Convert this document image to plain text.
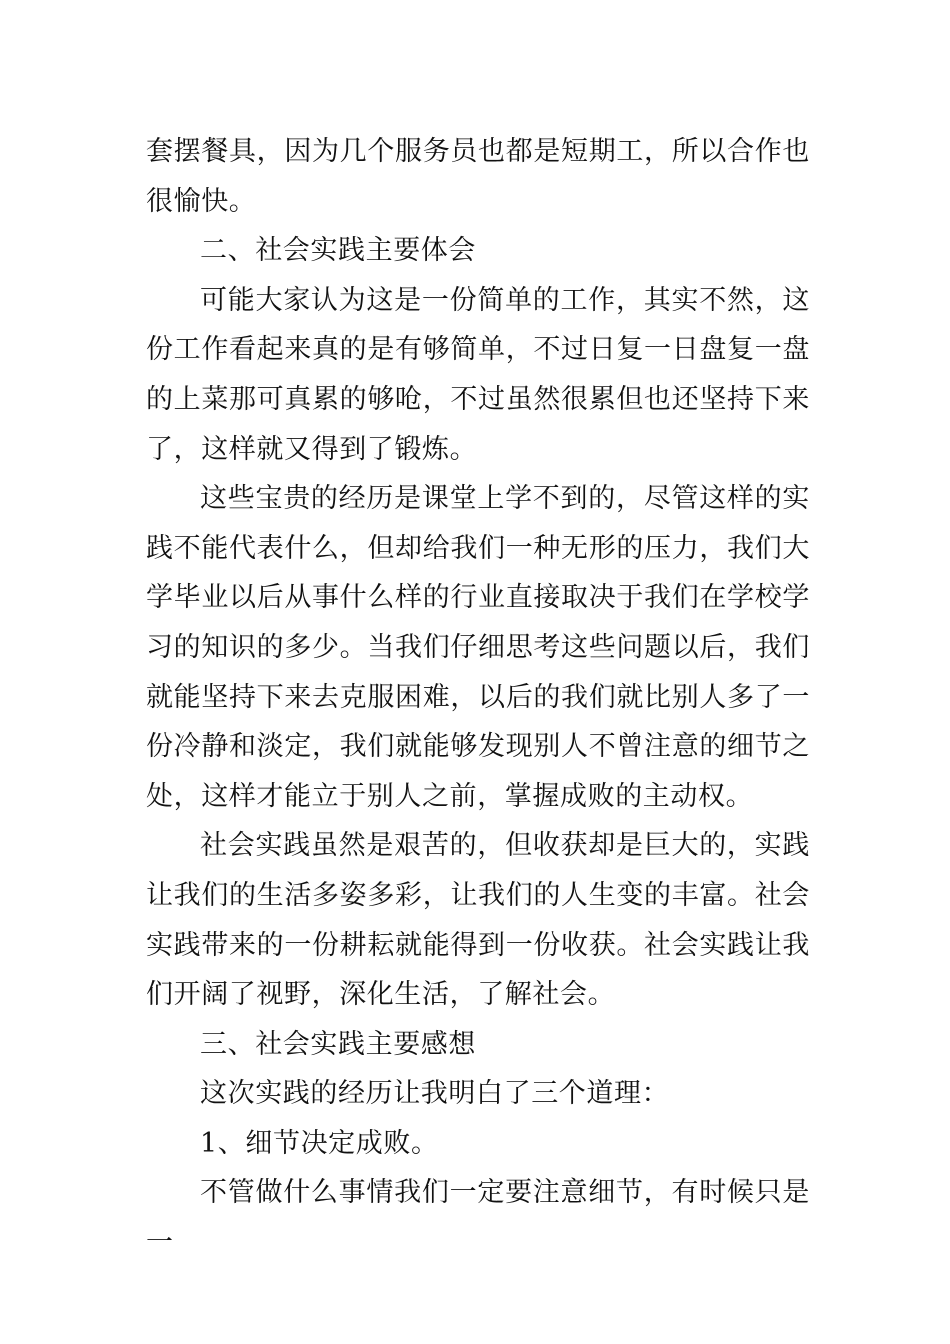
套摆餐具，因为几个服务员也都是短期工，所以合作也很愉快。

二、社会实践主要体会

可能大家认为这是一份简单的工作，其实不然，这份工作看起来真的是有够简单，不过日复一日盘复一盘的上菜那可真累的够呛，不过虽然很累但也还坚持下来了，这样就又得到了锻炼。

这些宝贵的经历是课堂上学不到的，尽管这样的实践不能代表什么，但却给我们一种无形的压力，我们大学毕业以后从事什么样的行业直接取决于我们在学校学习的知识的多少。当我们仔细思考这些问题以后，我们就能坚持下来去克服困难，以后的我们就比别人多了一份冷静和淡定，我们就能够发现别人不曾注意的细节之处，这样才能立于别人之前，掌握成败的主动权。

社会实践虽然是艰苦的，但收获却是巨大的，实践让我们的生活多姿多彩，让我们的人生变的丰富。社会实践带来的一份耕耘就能得到一份收获。社会实践让我们开阔了视野，深化生活，了解社会。

三、社会实践主要感想

这次实践的经历让我明白了三个道理：

1、细节决定成败。

不管做什么事情我们一定要注意细节，有时候只是一
